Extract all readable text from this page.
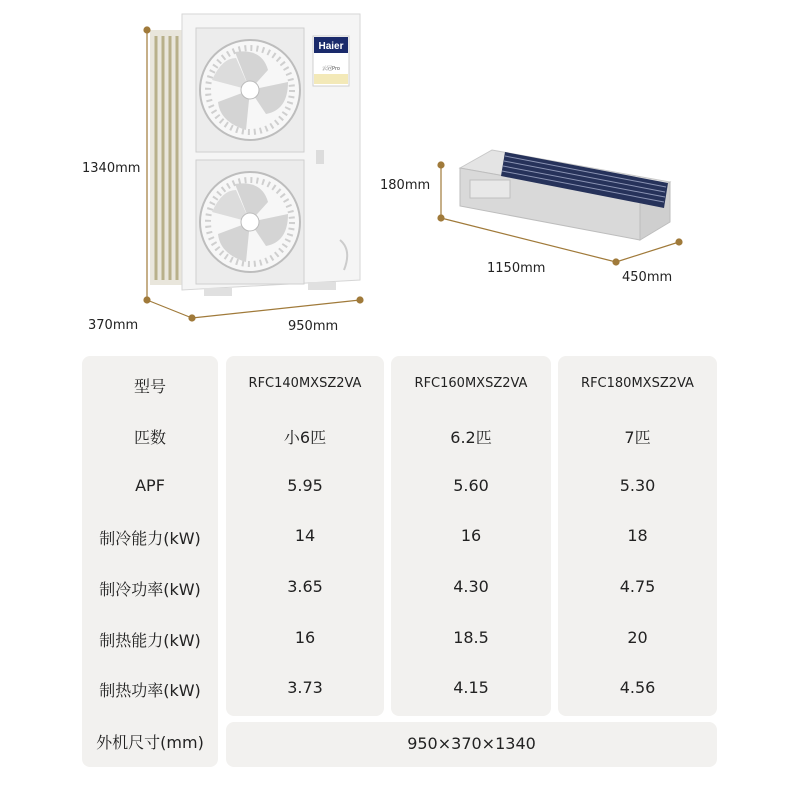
Haier
云冠Pro
1340mm
370mm	950mm
180mm
1150mm
450mm
型号
匹数
APF
制冷能力(kW)
制冷功率(kW)
制热能力(kW)
制热功率(kW)
外机尺寸(mm)
RFC140MXSZ2VA
小6匹
5.95
14
3.65
16
3.73
RFC160MXSZ2VA
6.2匹
5.60
16
4.30
18.5
4.15
RFC180MXSZ2VA
7匹
5.30
18
4.75
20
4.56
950×370×1340
